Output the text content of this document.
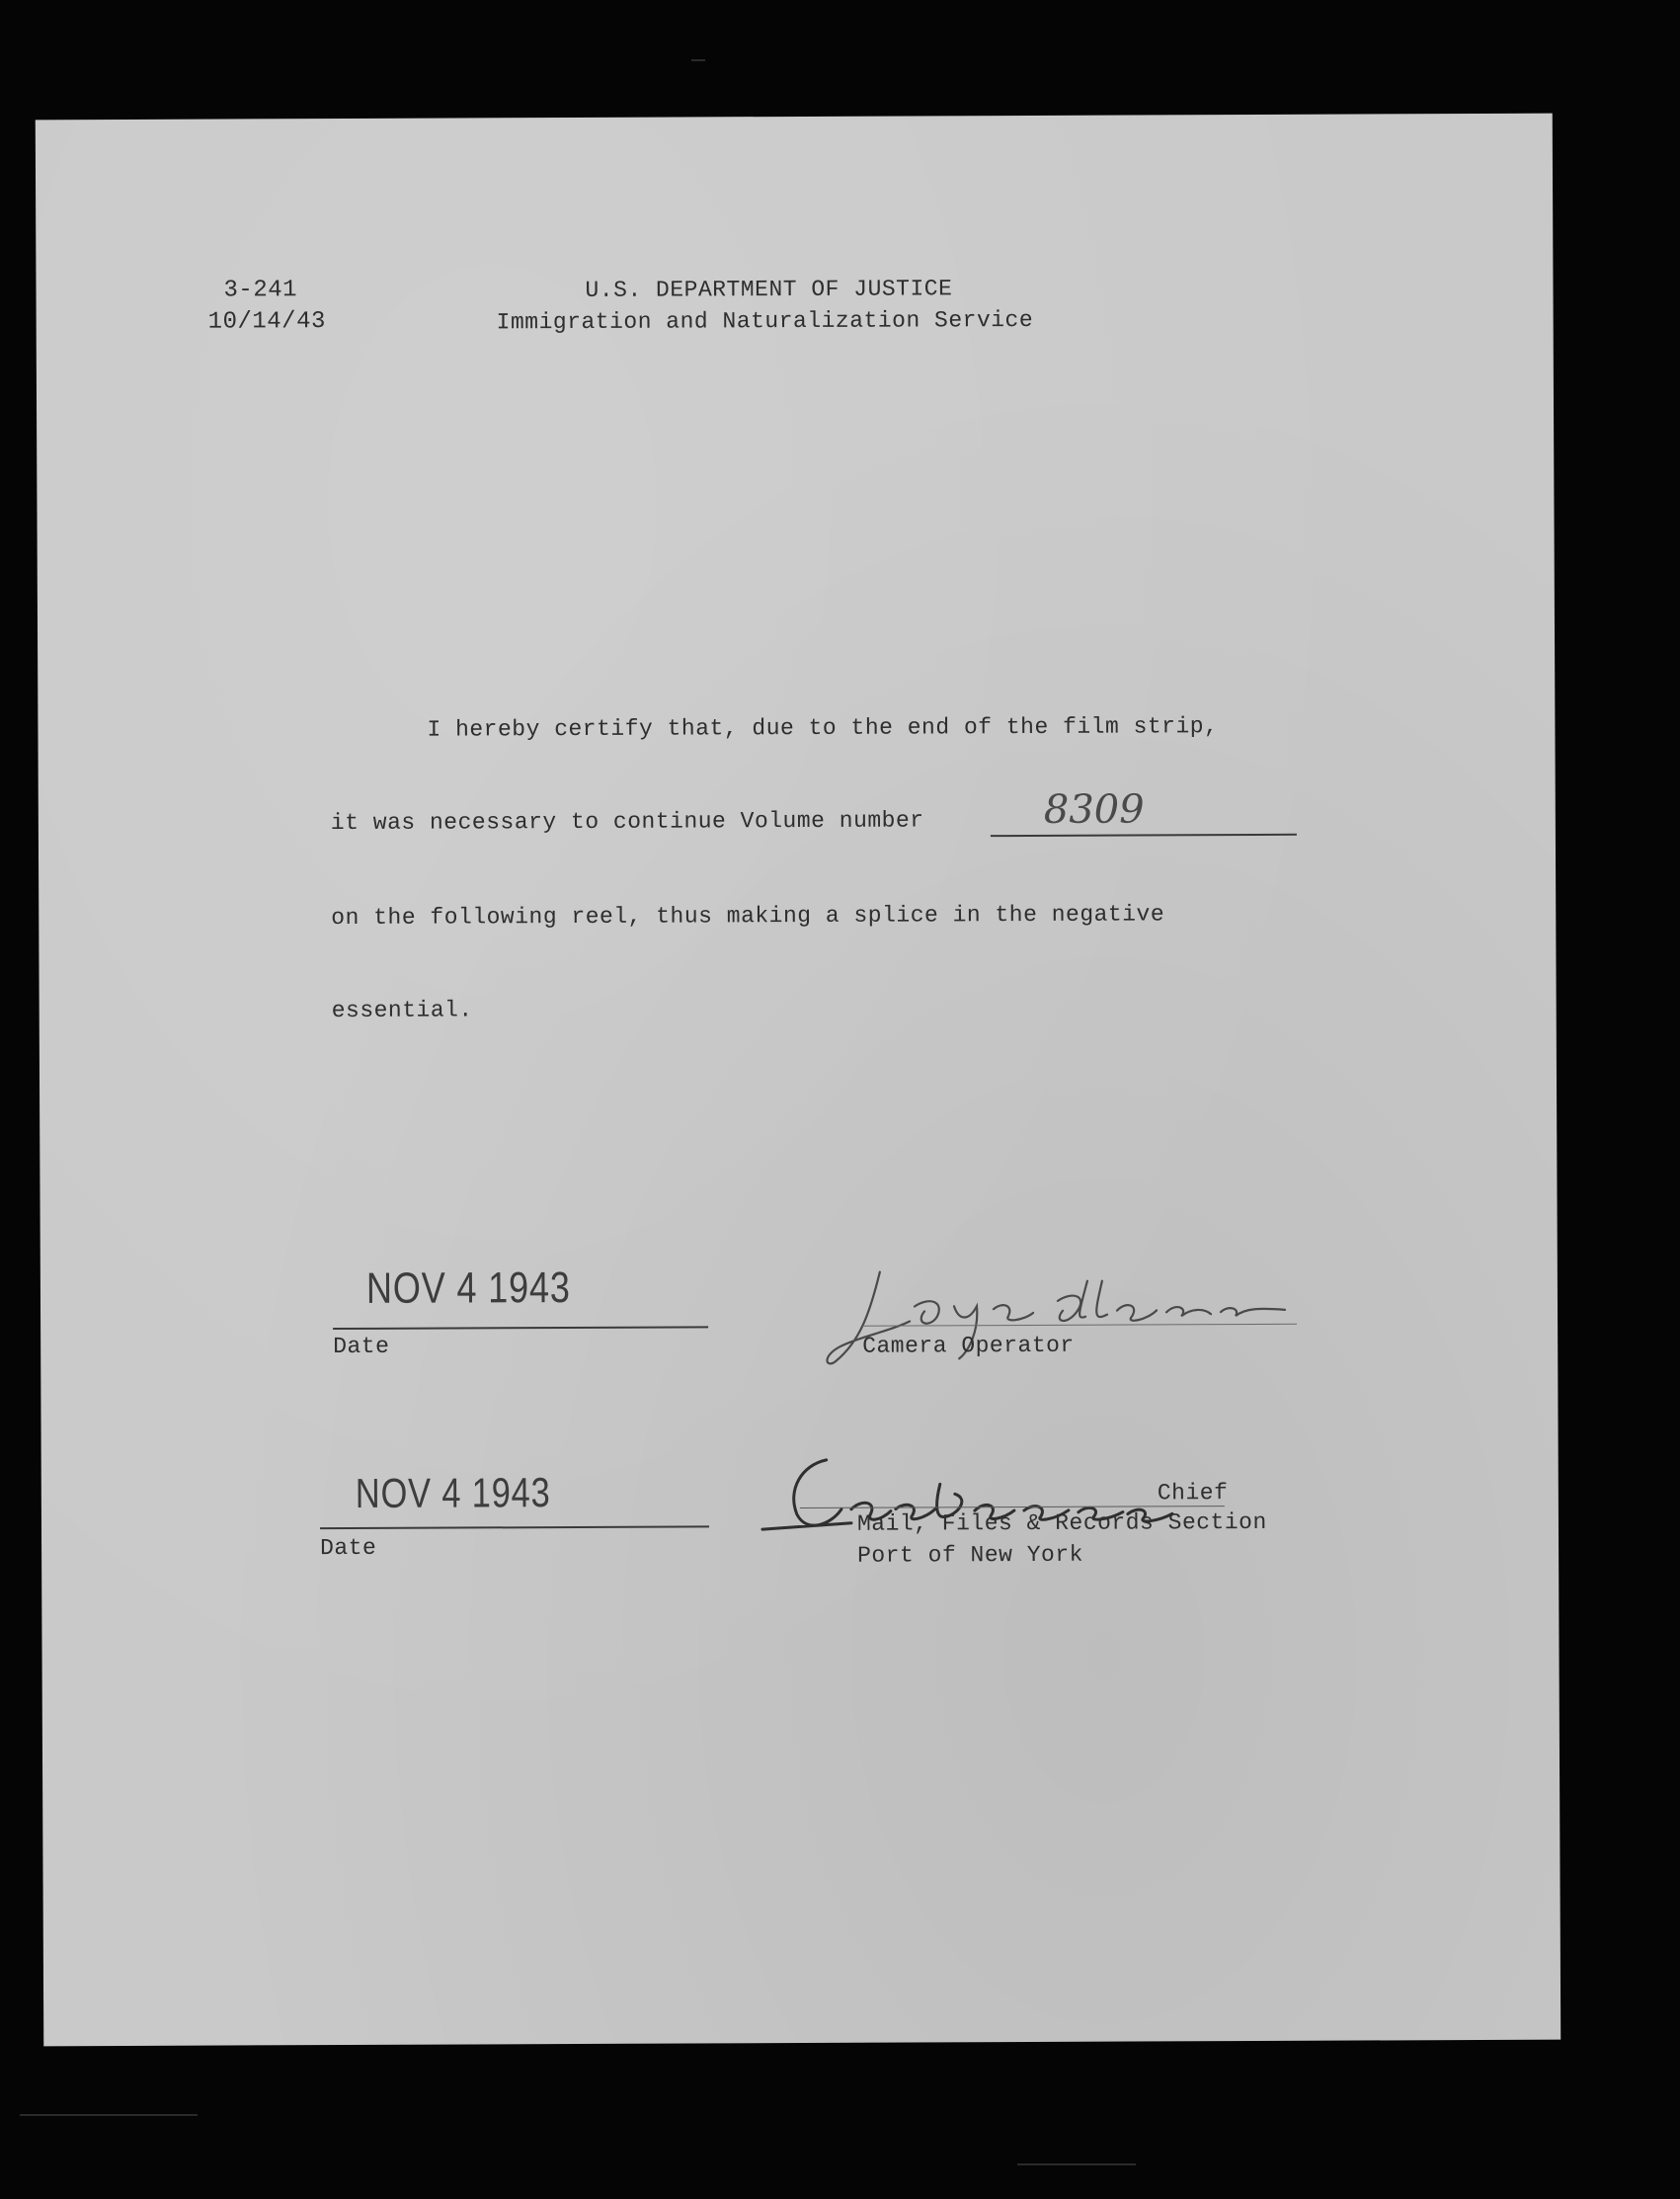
3-241
10/14/43
U.S. DEPARTMENT OF JUSTICE
Immigration and Naturalization Service
I hereby certify that, due to the end of the film strip,
it was necessary to continue Volume number	8309
on the following reel, thus making a splice in the negative
essential.
NOV 4 1943
Date	Camera Operator
NOV 4 1943
Date
Chief
Mail, Files & Records Section
Port of New York
